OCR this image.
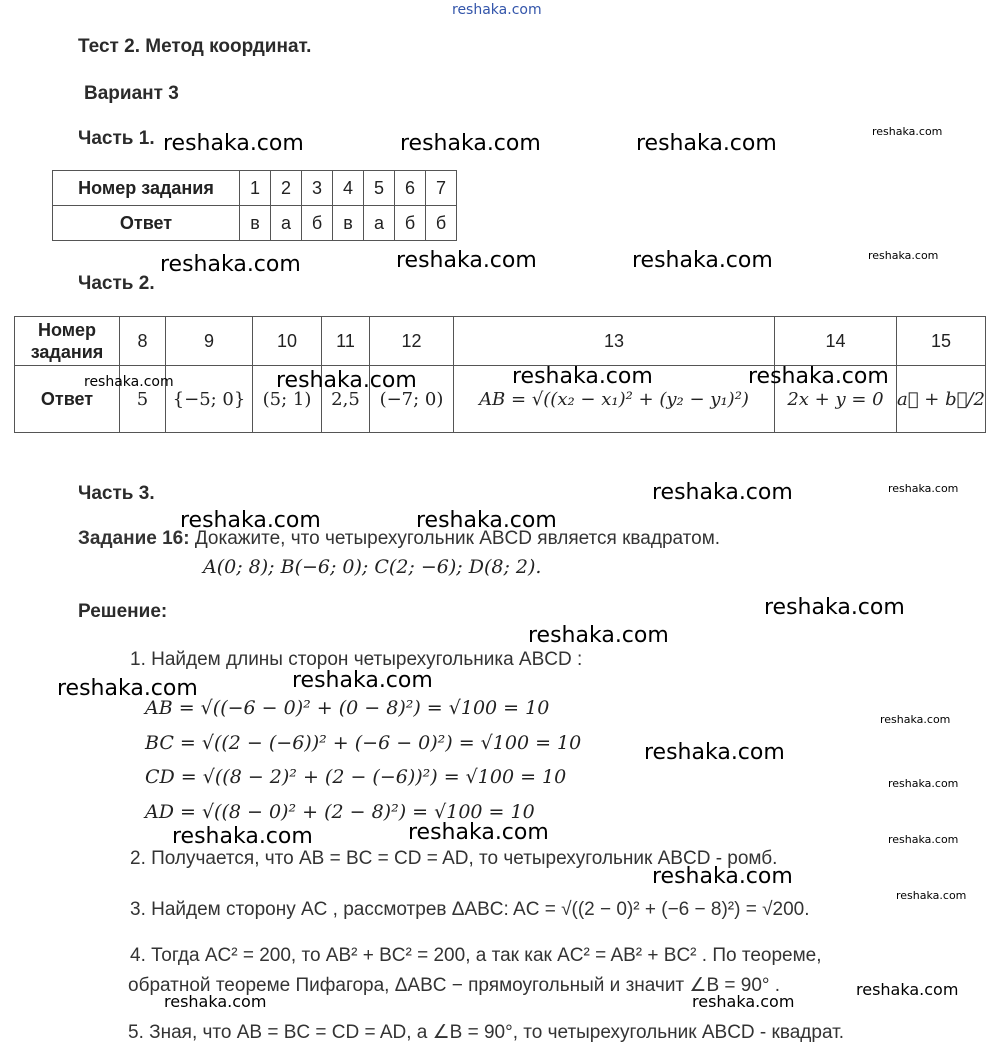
reshaka.com
Тест 2. Метод координат.
Вариант 3
Часть 1.
Номер задания	1	2	3	4	5	6	7
Ответ	в	а	б	в	а	б	б
Часть 2.
Номер
задания	8	9	10	11	12	13	14	15
Ответ	5	{−5; 0}	(5; 1)	2,5	(−7; 0)	AB = √((x₂ − x₁)² + (y₂ − y₁)²)	2x + y = 0	a⃗ + b⃗/2
Часть 3.
Задание 16: Докажите, что четырехугольник ABCD является квадратом.
A(0; 8); B(−6; 0); C(2; −6); D(8; 2).
Решение:
1. Найдем длины сторон четырехугольника ABCD :
AB = √((−6 − 0)² + (0 − 8)²) = √100 = 10
BC = √((2 − (−6))² + (−6 − 0)²) = √100 = 10
CD = √((8 − 2)² + (2 − (−6))²) = √100 = 10
AD = √((8 − 0)² + (2 − 8)²) = √100 = 10
2. Получается, что AB = BC = CD = AD, то четырехугольник ABCD - ромб.
3. Найдем сторону AC , рассмотрев ΔABC: AC = √((2 − 0)² + (−6 − 8)²) = √200.
4. Тогда AC² = 200, то AB² + BC² = 200, а так как AC² = AB² + BC² . По теореме,
обратной теореме Пифагора, ΔABC − прямоугольный и значит ∠B = 90° .
5. Зная, что AB = BC = CD = AD, а ∠B = 90°, то четырехугольник ABCD - квадрат.
reshaka.com	reshaka.com	reshaka.com
reshaka.com	reshaka.com	reshaka.com
reshaka.com	reshaka.com	reshaka.com
reshaka.com
reshaka.com	reshaka.com
reshaka.com
reshaka.com
reshaka.com
reshaka.com
reshaka.com
reshaka.com	reshaka.com
reshaka.com
reshaka.com
reshaka.com
reshaka.com
reshaka.com
reshaka.com
reshaka.com
reshaka.com
reshaka.com
reshaka.com
reshaka.com	reshaka.com
